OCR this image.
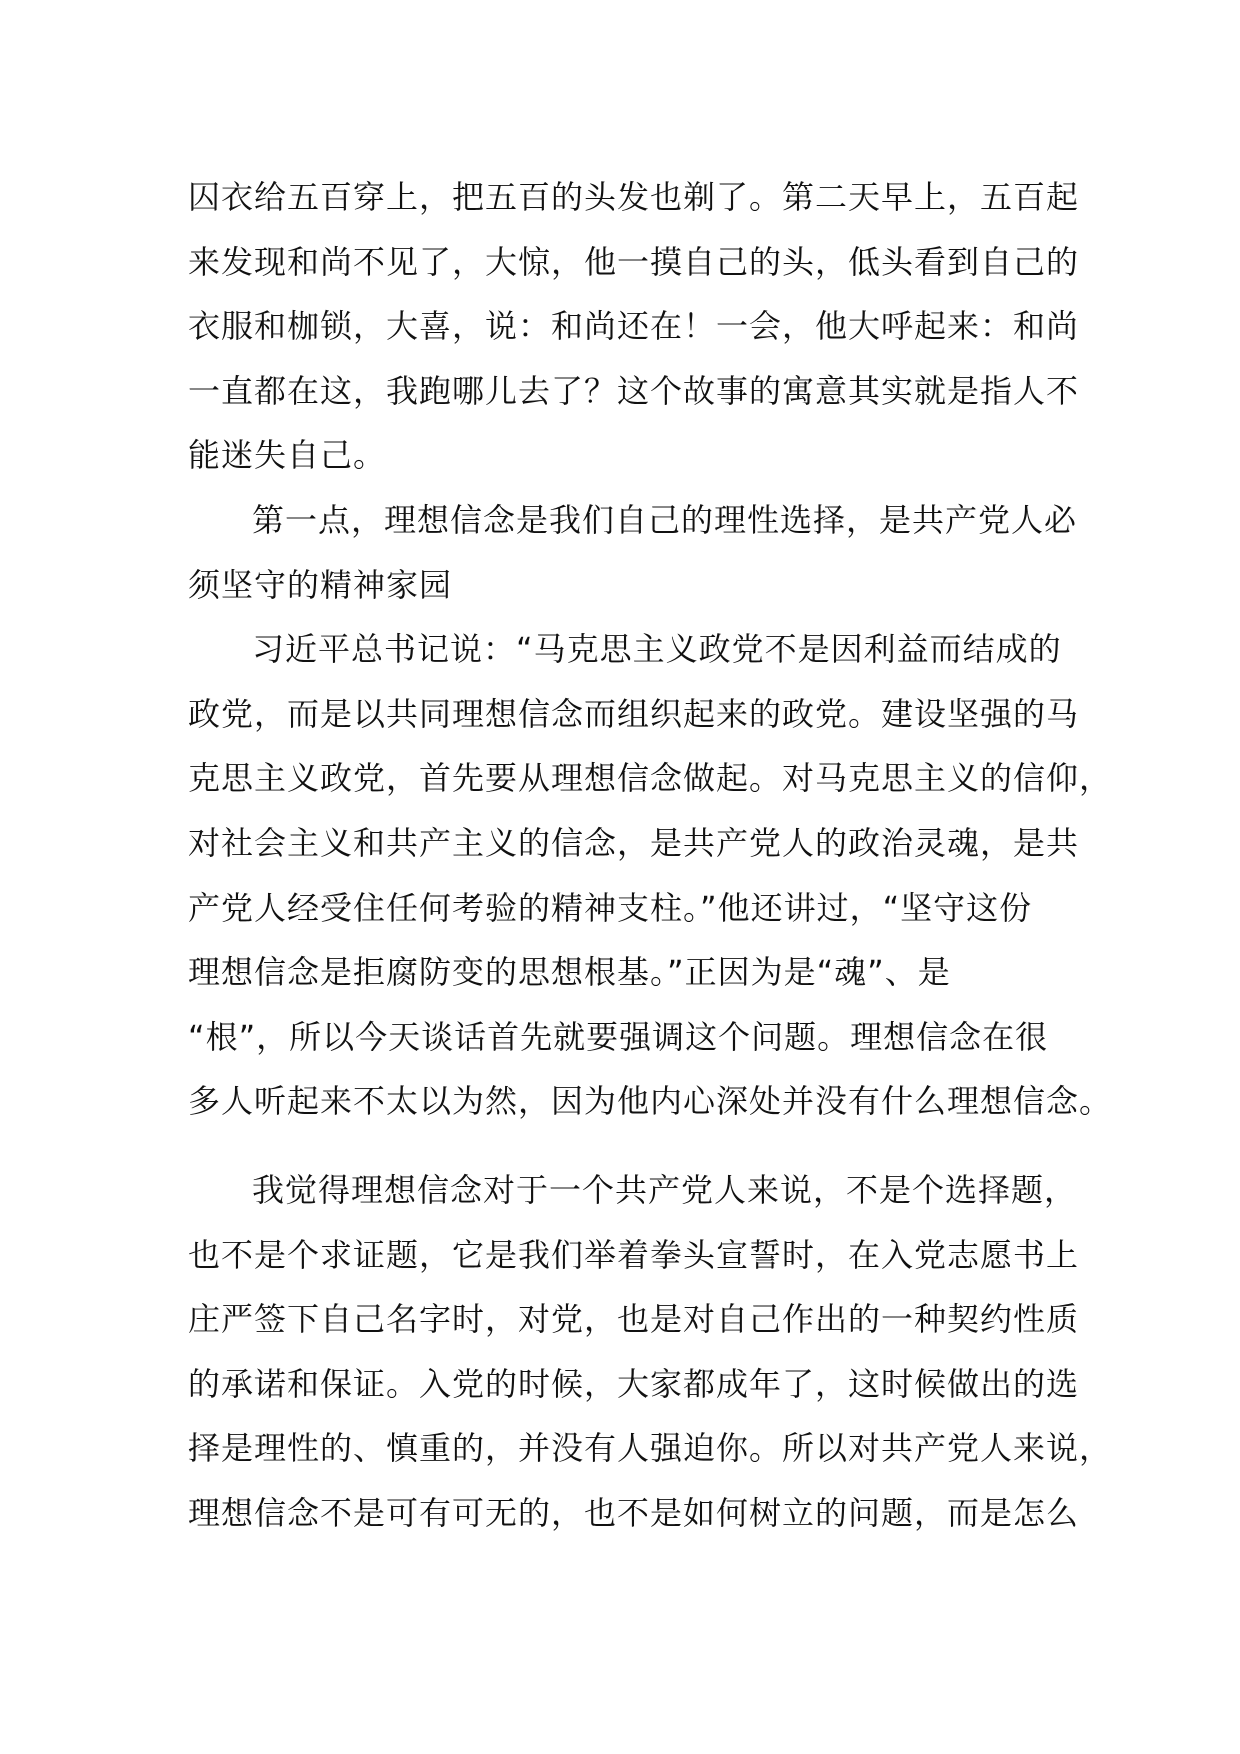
囚衣给五百穿上，把五百的头发也剃了。第二天早上，五百起
来发现和尚不见了，大惊，他一摸自己的头，低头看到自己的
衣服和枷锁，大喜，说：和尚还在！一会，他大呼起来：和尚
一直都在这，我跑哪儿去了？这个故事的寓意其实就是指人不
能迷失自己。
第一点，理想信念是我们自己的理性选择，是共产党人必
须坚守的精神家园
习近平总书记说：“马克思主义政党不是因利益而结成的
政党，而是以共同理想信念而组织起来的政党。建设坚强的马
克思主义政党，首先要从理想信念做起。对马克思主义的信仰，
对社会主义和共产主义的信念，是共产党人的政治灵魂，是共
产党人经受住任何考验的精神支柱。”他还讲过，“坚守这份
理想信念是拒腐防变的思想根基。”正因为是“魂”、是
“根”，所以今天谈话首先就要强调这个问题。理想信念在很
多人听起来不太以为然，因为他内心深处并没有什么理想信念。
我觉得理想信念对于一个共产党人来说，不是个选择题，
也不是个求证题，它是我们举着拳头宣誓时，在入党志愿书上
庄严签下自己名字时，对党，也是对自己作出的一种契约性质
的承诺和保证。入党的时候，大家都成年了，这时候做出的选
择是理性的、慎重的，并没有人强迫你。所以对共产党人来说，
理想信念不是可有可无的，也不是如何树立的问题，而是怎么
